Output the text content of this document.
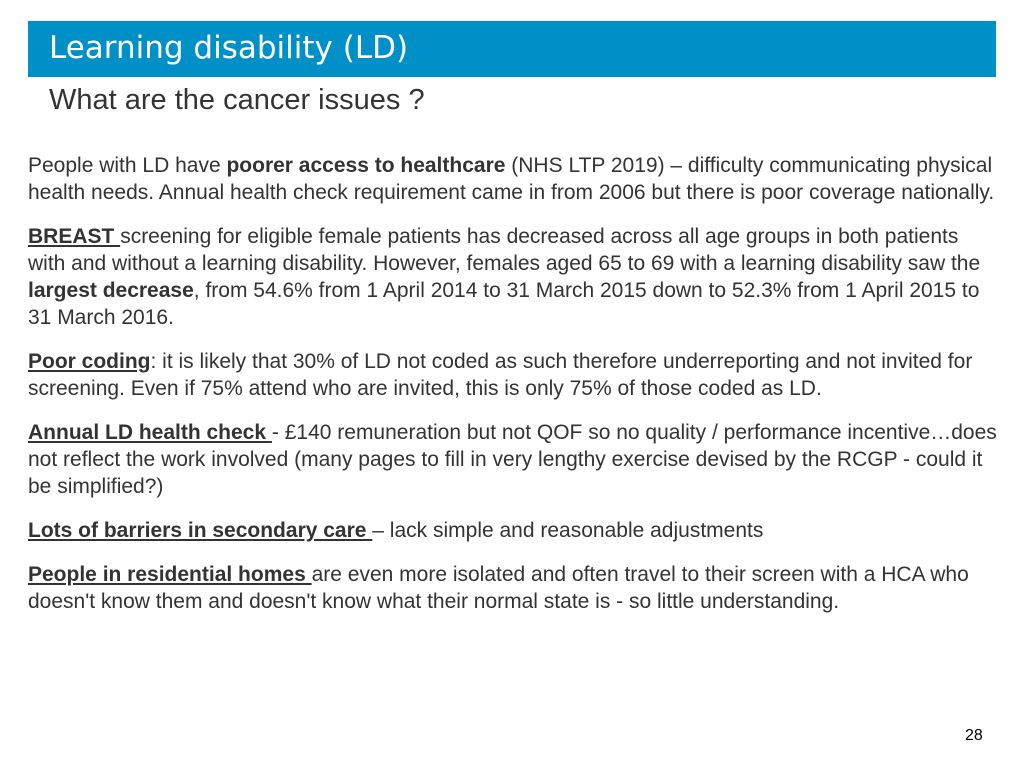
Learning disability (LD)
What are the cancer issues ?

People with LD have poorer access to healthcare (NHS LTP 2019) – difficulty communicating physical health needs. Annual health check requirement came in from 2006 but there is poor coverage nationally.

BREAST screening for eligible female patients has decreased across all age groups in both patients with and without a learning disability. However, females aged 65 to 69 with a learning disability saw the largest decrease, from 54.6% from 1 April 2014 to 31 March 2015 down to 52.3% from 1 April 2015 to 31 March 2016.

Poor coding: it is likely that 30% of LD not coded as such therefore underreporting and not invited for screening. Even if 75% attend who are invited, this is only 75% of those coded as LD.

Annual LD health check - £140 remuneration but not QOF so no quality / performance incentive…does not reflect the work involved (many pages to fill in very lengthy exercise devised by the RCGP - could it be simplified?)

Lots of barriers in secondary care – lack simple and reasonable adjustments

People in residential homes are even more isolated and often travel to their screen with a HCA who doesn't know them and doesn't know what their normal state is - so little understanding.

28
